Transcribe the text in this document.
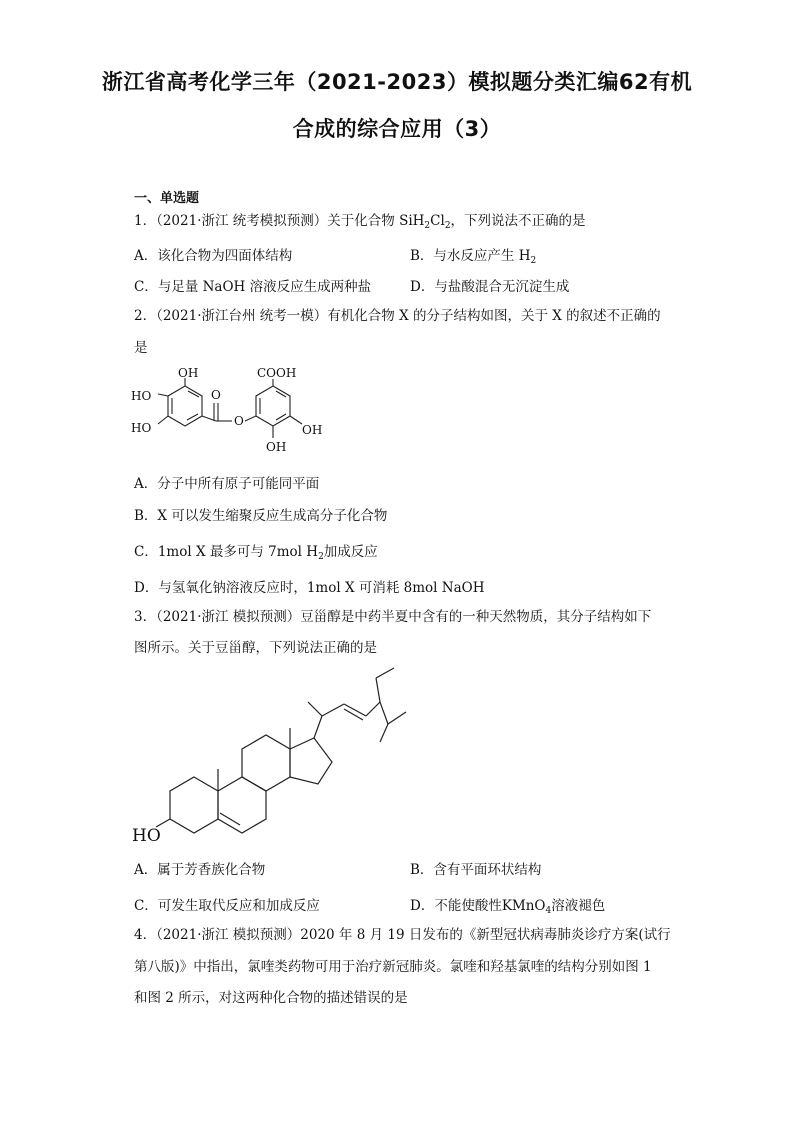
浙江省高考化学三年（2021-2023）模拟题分类汇编62有机
合成的综合应用（3）
一、单选题
1．（2021·浙江 统考模拟预测）关于化合物 $SiH_2Cl_2$，下列说法不正确的是
A．该化合物为四面体结构	B．与水反应产生 $H_2$
C．与足量 NaOH 溶液反应生成两种盐	D．与盐酸混合无沉淀生成
2．（2021·浙江台州 统考一模）有机化合物 X 的分子结构如图，关于 X 的叙述不正确的
是
OH
HO
HO
O
O
COOH
OH
OH
A．分子中所有原子可能同平面
B．X 可以发生缩聚反应生成高分子化合物
C．1mol X 最多可与 7mol $H_2$加成反应
D．与氢氧化钠溶液反应时，1mol X 可消耗 8mol NaOH
3．（2021·浙江 模拟预测）豆甾醇是中药半夏中含有的一种天然物质，其分子结构如下
图所示。关于豆甾醇，下列说法正确的是
HO
A．属于芳香族化合物	B．含有平面环状结构
C．可发生取代反应和加成反应	D．不能使酸性KMnO$_4$溶液褪色
4．（2021·浙江 模拟预测）2020 年 8 月 19 日发布的《新型冠状病毒肺炎诊疗方案(试行
第八版)》中指出，氯喹类药物可用于治疗新冠肺炎。氯喹和羟基氯喹的结构分别如图 1
和图 2 所示，对这两种化合物的描述错误的是
